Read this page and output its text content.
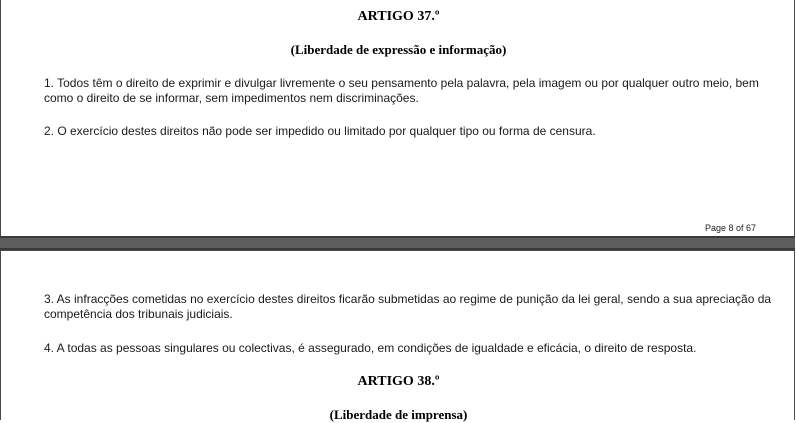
ARTIGO 37.º
(Liberdade de expressão e informação)

1. Todos têm o direito de exprimir e divulgar livremente o seu pensamento pela palavra, pela imagem ou por qualquer outro meio, bem como o direito de se informar, sem impedimentos nem discriminações.

2. O exercício destes direitos não pode ser impedido ou limitado por qualquer tipo ou forma de censura.

Page 8 of 67

3. As infracções cometidas no exercício destes direitos ficarão submetidas ao regime de punição da lei geral, sendo a sua apreciação da competência dos tribunais judiciais.

4. A todas as pessoas singulares ou colectivas, é assegurado, em condições de igualdade e eficácia, o direito de resposta.

ARTIGO 38.º
(Liberdade de imprensa)
